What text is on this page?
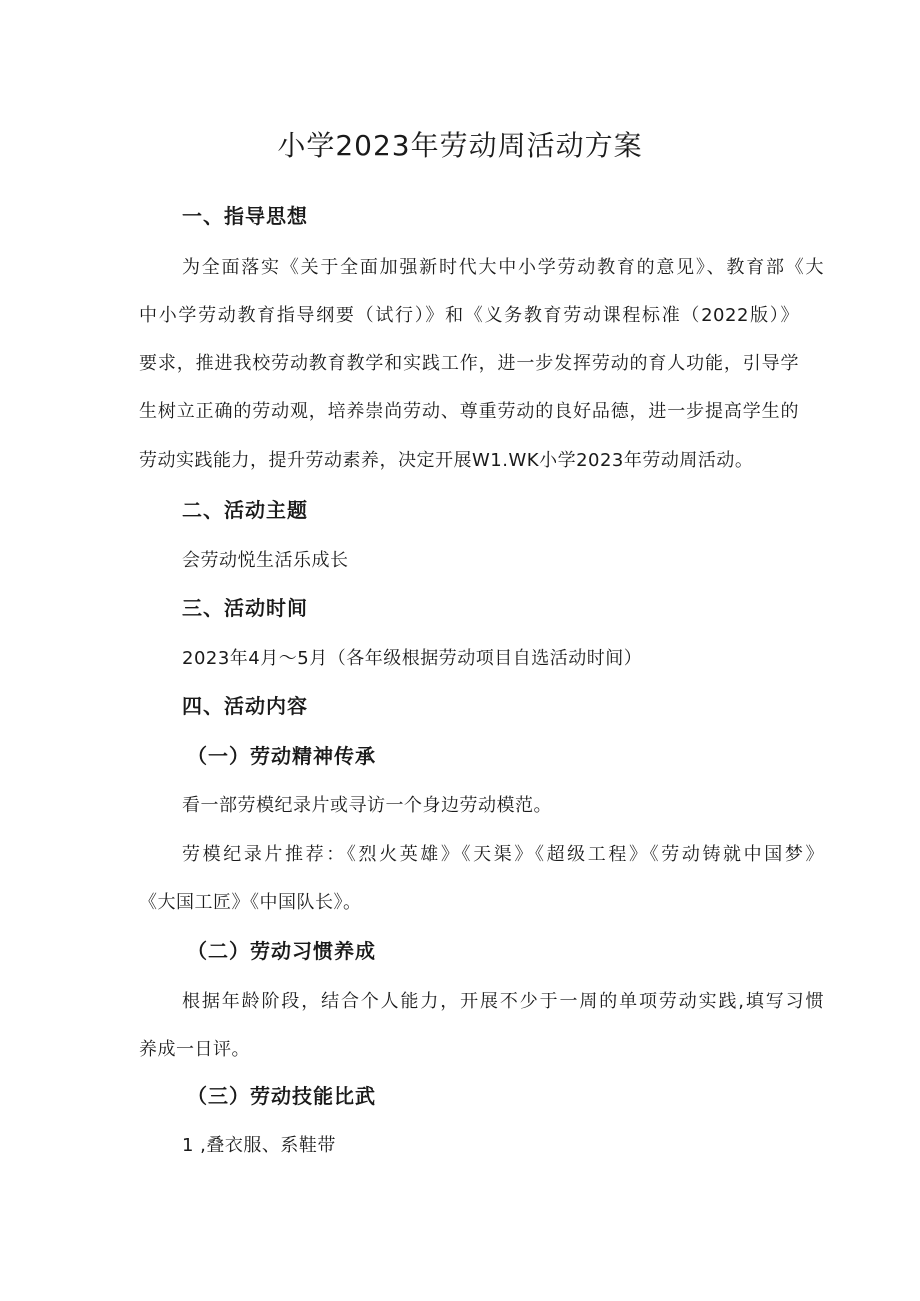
小学2023年劳动周活动方案
一、指导思想

为全面落实《关于全面加强新时代大中小学劳动教育的意见》、教育部《大

中小学劳动教育指导纲要（试行）》和《义务教育劳动课程标准（2022版）》

要求，推进我校劳动教育教学和实践工作，进一步发挥劳动的育人功能，引导学

生树立正确的劳动观，培养崇尚劳动、尊重劳动的良好品德，进一步提高学生的

劳动实践能力，提升劳动素养，决定开展W1.WK小学2023年劳动周活动。

二、活动主题

会劳动悦生活乐成长

三、活动时间

2023年4月～5月（各年级根据劳动项目自选活动时间）

四、活动内容
（一）劳动精神传承

看一部劳模纪录片或寻访一个身边劳动模范。

劳模纪录片推荐：《烈火英雄》《天渠》《超级工程》《劳动铸就中国梦》

《大国工匠》《中国队长》。

（二）劳动习惯养成

根据年龄阶段，结合个人能力，开展不少于一周的单项劳动实践,填写习惯

养成一日评。

（三）劳动技能比武

1 ,叠衣服、系鞋带
